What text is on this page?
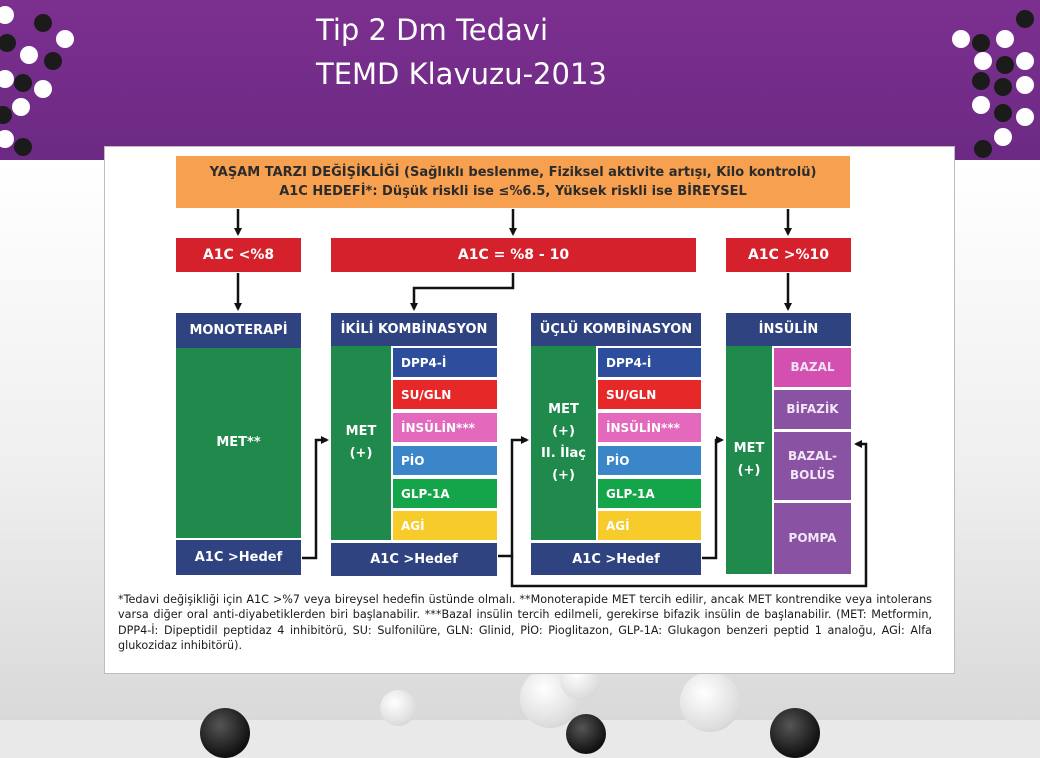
Tip 2 Dm Tedavi
TEMD Klavuzu-2013
YAŞAM TARZI DEĞİŞİKLİĞİ (Sağlıklı beslenme, Fiziksel aktivite artışı, Kilo kontrolü)
A1C HEDEFİ*: Düşük riskli ise ≤%6.5, Yüksek riskli ise BİREYSEL
A1C <%8	A1C = %8 - 10	A1C >%10
MONOTERAPİ
MET**
A1C >Hedef
İKİLİ KOMBİNASYON
MET
(+)
DPP4-İ
SU/GLN
İNSÜLİN***
PİO
GLP-1A
AGİ
A1C >Hedef
ÜÇLÜ KOMBİNASYON
MET
(+)
II. İlaç
(+)
DPP4-İ
SU/GLN
İNSÜLİN***
PİO
GLP-1A
AGİ
A1C >Hedef
İNSÜLİN
MET
(+)
BAZAL
BİFAZİK
BAZAL-
BOLÜS
POMPA
*Tedavi değişikliği için A1C >%7 veya bireysel hedefin üstünde olmalı. **Monoterapide MET tercih edilir, ancak MET kontrendike veya intolerans varsa diğer oral anti-diyabetiklerden biri başlanabilir. ***Bazal insülin tercih edilmeli, gerekirse bifazik insülin de başlanabilir. (MET: Metformin, DPP4-İ: Dipeptidil peptidaz 4 inhibitörü, SU: Sulfonilüre, GLN: Glinid, PİO: Pioglitazon, GLP-1A: Glukagon benzeri peptid 1 analoğu, AGİ: Alfa glukozidaz inhibitörü).
